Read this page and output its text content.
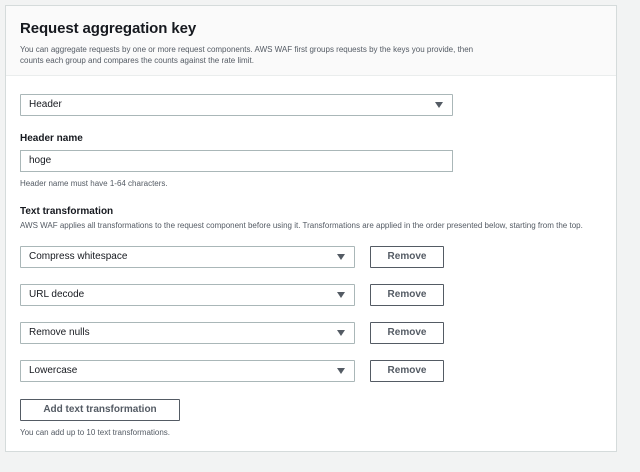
Request aggregation key
You can aggregate requests by one or more request components. AWS WAF first groups requests by the keys you provide, then counts each group and compares the counts against the rate limit.
Header
Header name
hoge
Header name must have 1-64 characters.
Text transformation
AWS WAF applies all transformations to the request component before using it. Transformations are applied in the order presented below, starting from the top.
Compress whitespace	Remove
URL decode	Remove
Remove nulls	Remove
Lowercase	Remove
Add text transformation
You can add up to 10 text transformations.
